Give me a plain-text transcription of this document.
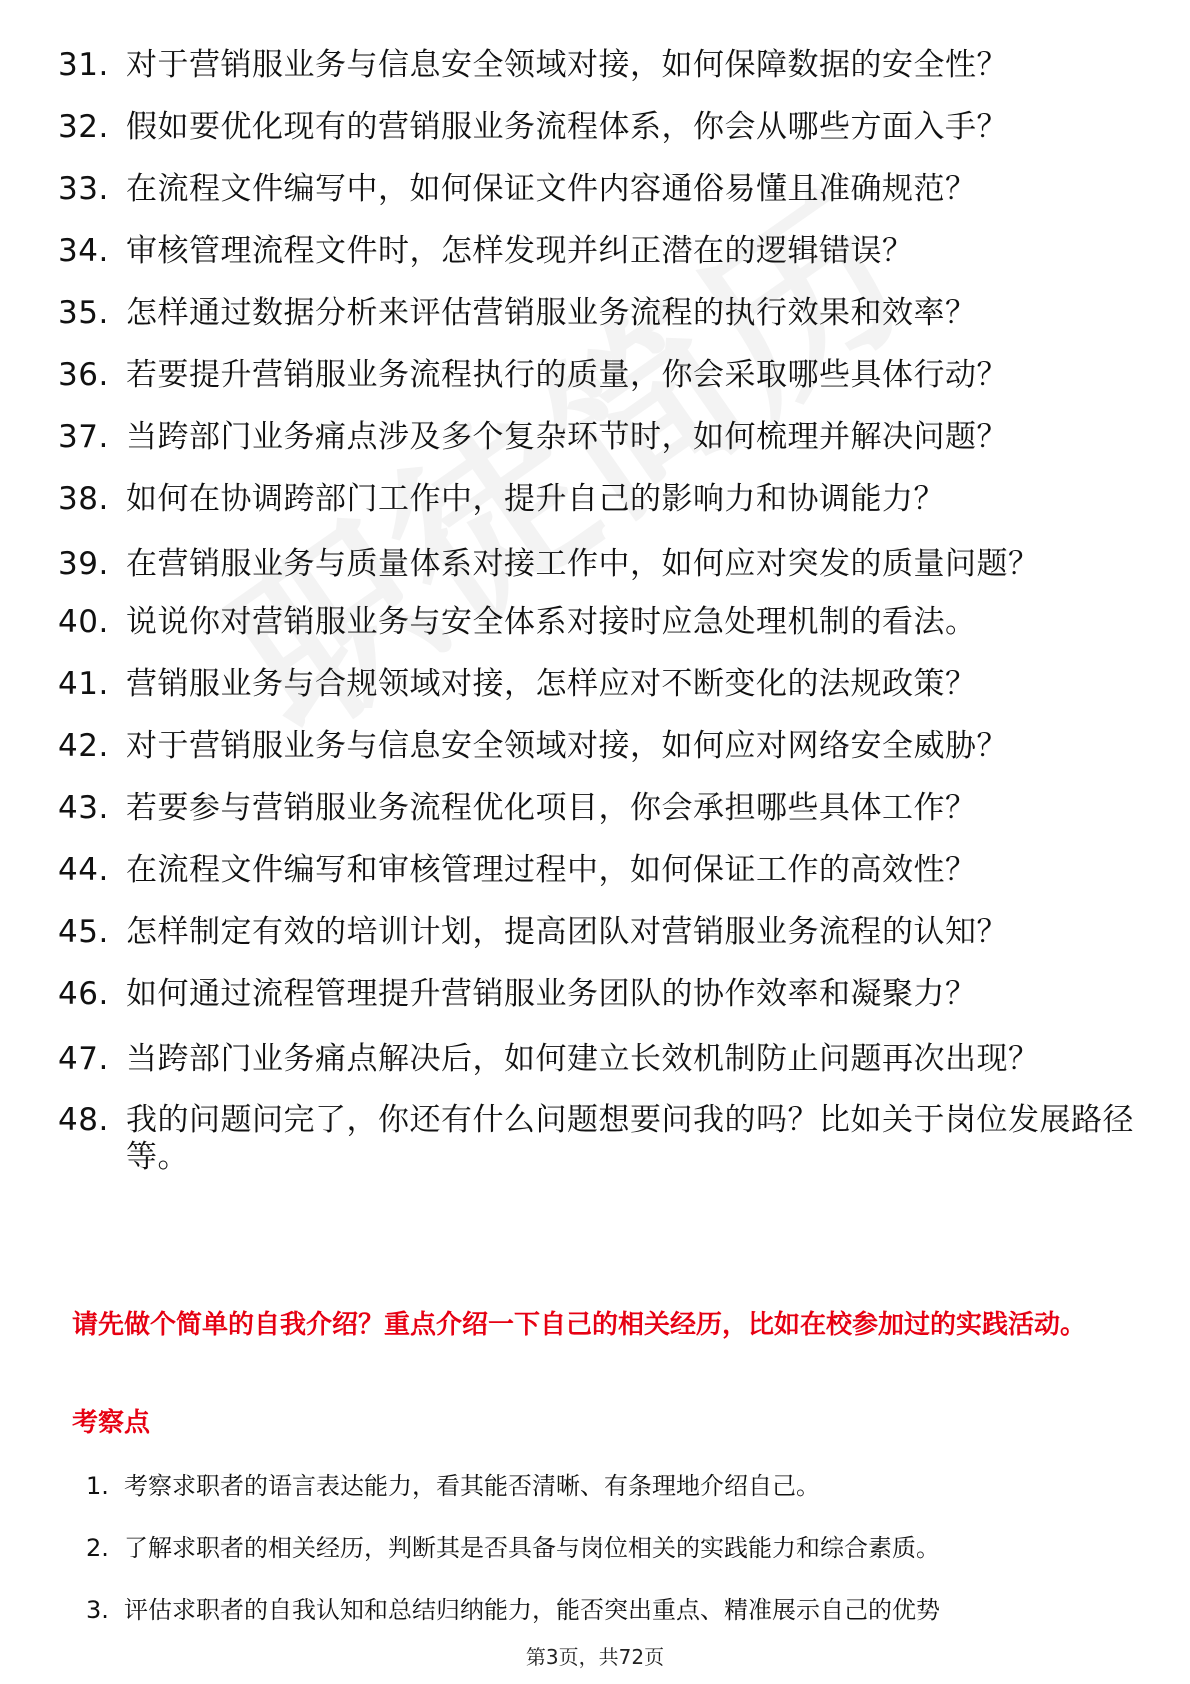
31. 对于营销服业务与信息安全领域对接，如何保障数据的安全性？
32. 假如要优化现有的营销服业务流程体系，你会从哪些方面入手？
33. 在流程文件编写中，如何保证文件内容通俗易懂且准确规范？
34. 审核管理流程文件时，怎样发现并纠正潜在的逻辑错误？
35. 怎样通过数据分析来评估营销服业务流程的执行效果和效率？
36. 若要提升营销服业务流程执行的质量，你会采取哪些具体行动？
37. 当跨部门业务痛点涉及多个复杂环节时，如何梳理并解决问题？
38. 如何在协调跨部门工作中，提升自己的影响力和协调能力？
39. 在营销服业务与质量体系对接工作中，如何应对突发的质量问题？
40. 说说你对营销服业务与安全体系对接时应急处理机制的看法。
41. 营销服业务与合规领域对接，怎样应对不断变化的法规政策？
42. 对于营销服业务与信息安全领域对接，如何应对网络安全威胁？
43. 若要参与营销服业务流程优化项目，你会承担哪些具体工作？
44. 在流程文件编写和审核管理过程中，如何保证工作的高效性？
45. 怎样制定有效的培训计划，提高团队对营销服业务流程的认知？
46. 如何通过流程管理提升营销服业务团队的协作效率和凝聚力？
47. 当跨部门业务痛点解决后，如何建立长效机制防止问题再次出现？
48. 我的问题问完了，你还有什么问题想要问我的吗？比如关于岗位发展路径等。
请先做个简单的自我介绍？重点介绍一下自己的相关经历，比如在校参加过的实践活动。
考察点
1. 考察求职者的语言表达能力，看其能否清晰、有条理地介绍自己。
2. 了解求职者的相关经历，判断其是否具备与岗位相关的实践能力和综合素质。
3. 评估求职者的自我认知和总结归纳能力，能否突出重点、精准展示自己的优势
第3页，共72页
